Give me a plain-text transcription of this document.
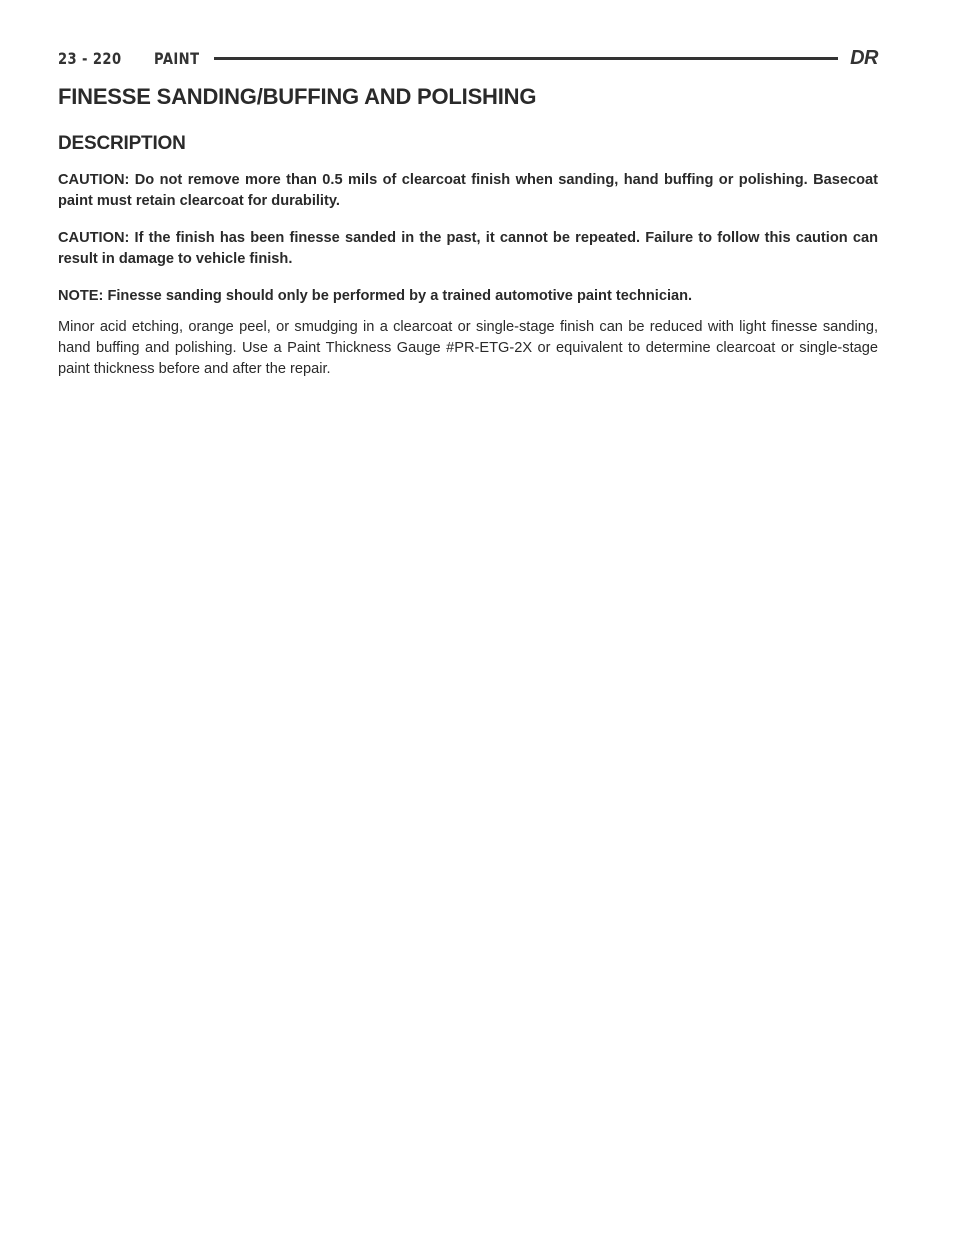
23 - 220 PAINT	DR
FINESSE SANDING/BUFFING AND POLISHING
DESCRIPTION

CAUTION: Do not remove more than 0.5 mils of clearcoat finish when sanding, hand buffing or polishing. Basecoat paint must retain clearcoat for durability.

CAUTION: If the finish has been finesse sanded in the past, it cannot be repeated. Failure to follow this caution can result in damage to vehicle finish.

NOTE: Finesse sanding should only be performed by a trained automotive paint technician.

Minor acid etching, orange peel, or smudging in a clearcoat or single-stage finish can be reduced with light finesse sanding, hand buffing and polishing. Use a Paint Thickness Gauge #PR-ETG-2X or equivalent to determine clearcoat or single-stage paint thickness before and after the repair.
